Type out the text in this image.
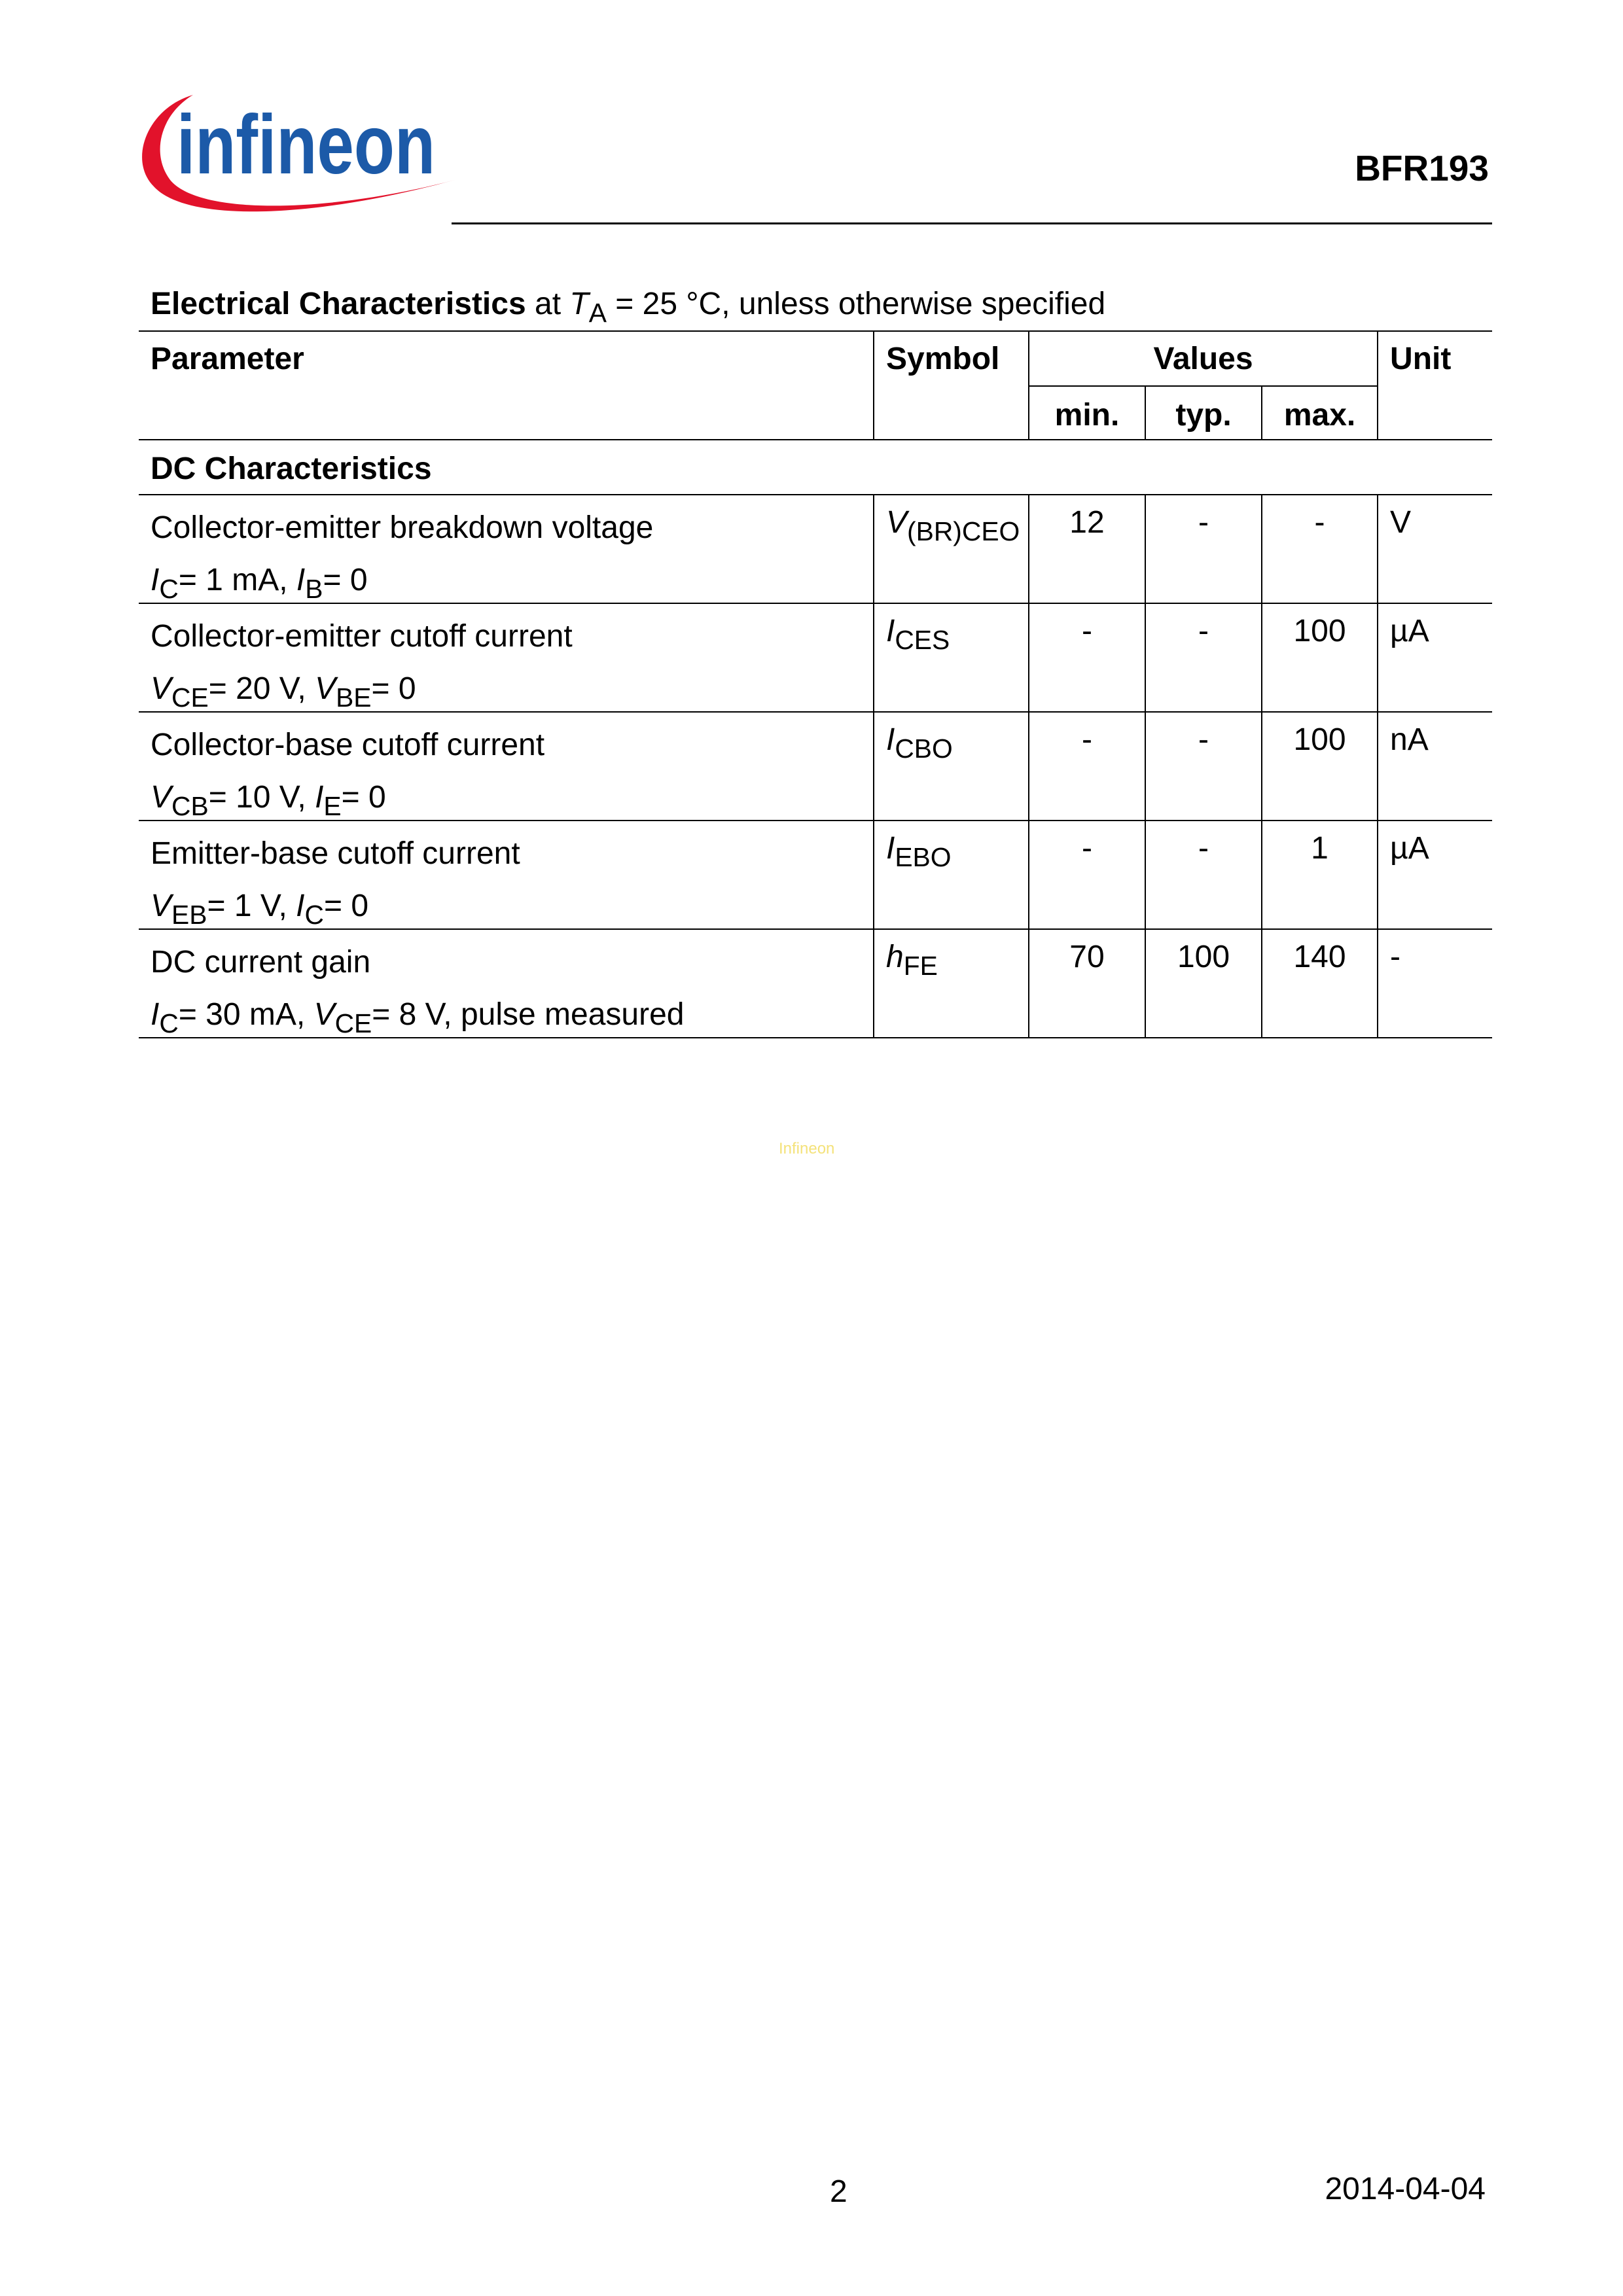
infineon	BFR193
Electrical Characteristics at $T_A = 25$ °C, unless otherwise specified
Parameter	Symbol	Values			Unit

		min.	typ.	max.	

DC Characteristics					

Collector-emitter breakdown voltage
$I_C= 1$ mA, $I_B= 0$	$V_{(BR)CEO}$	12	-	-	V

Collector-emitter cutoff current
$V_{CE}= 20$ V, $V_{BE}= 0$	$I_{CES}$	-	-	100	µA

Collector-base cutoff current
$V_{CB}= 10$ V, $I_E= 0$	$I_{CBO}$	-	-	100	nA

Emitter-base cutoff current
$V_{EB}= 1$ V, $I_C= 0$	$I_{EBO}$	-	-	1	µA

DC current gain
$I_C= 30$ mA, $V_{CE}= 8$ V, pulse measured	$h_{FE}$	70	100	140	-
Infineon
2	2014-04-04
